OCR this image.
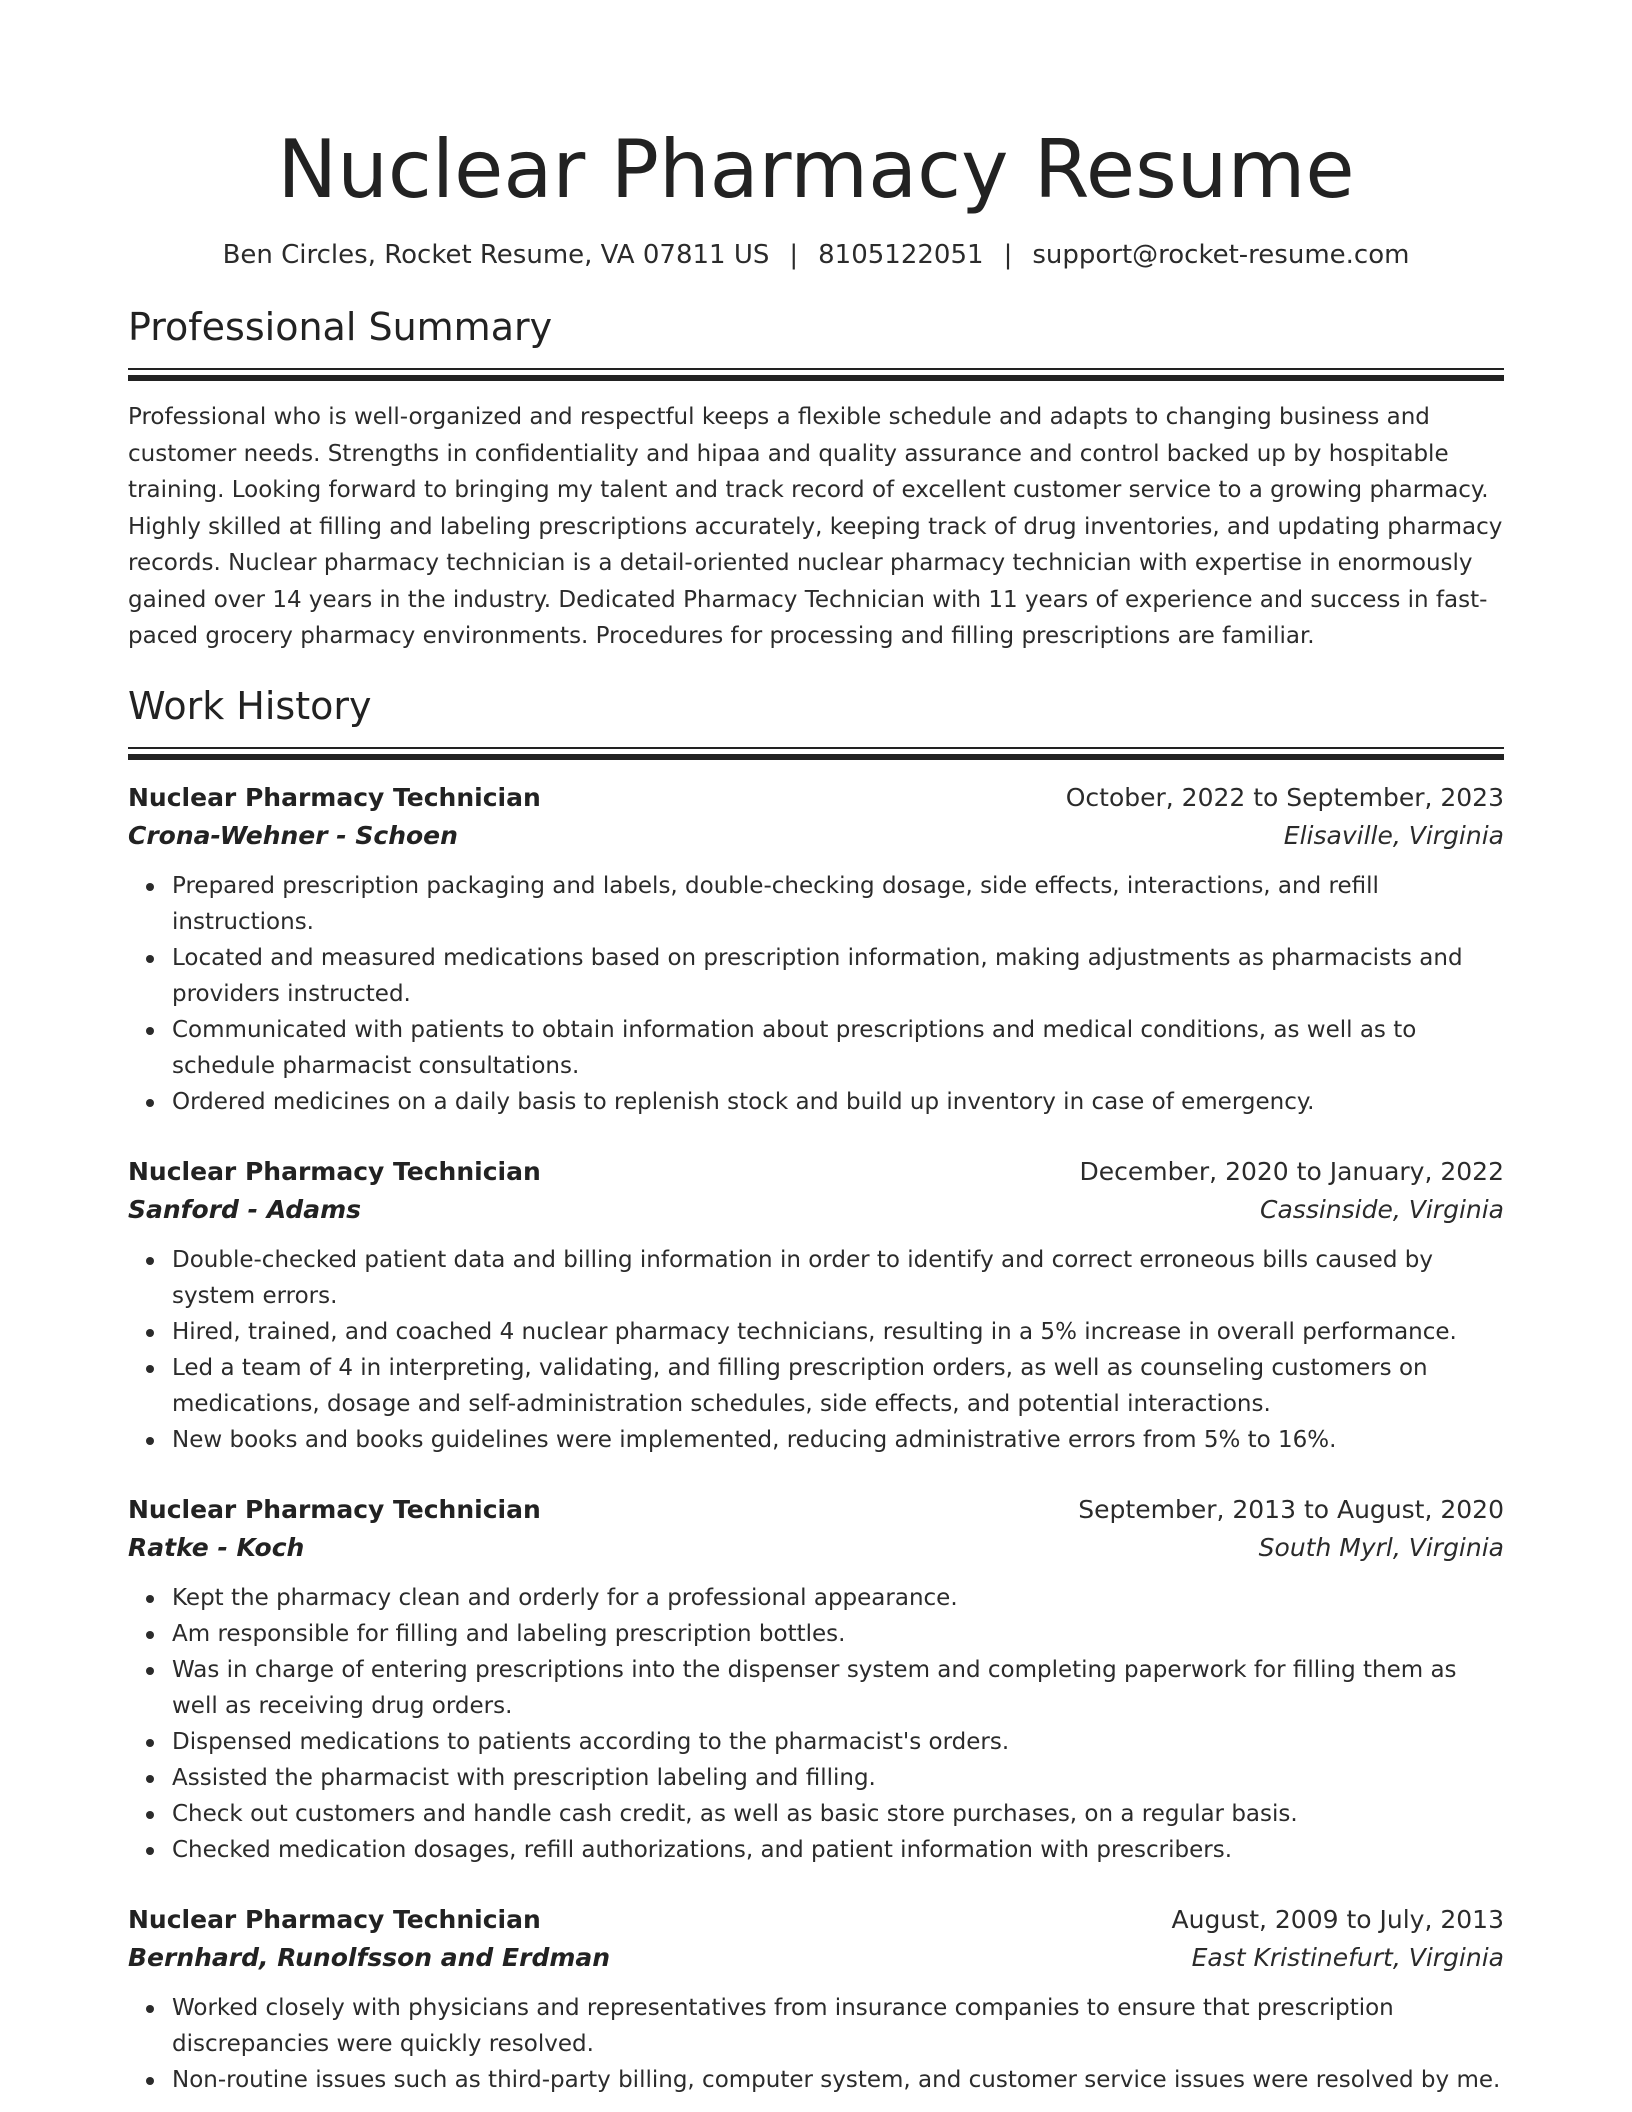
Nuclear Pharmacy Resume
Ben Circles, Rocket Resume, VA 07811 US | 8105122051 | support@rocket-resume.com
Professional Summary
Professional who is well-organized and respectful keeps a flexible schedule and adapts to changing business and customer needs. Strengths in confidentiality and hipaa and quality assurance and control backed up by hospitable training. Looking forward to bringing my talent and track record of excellent customer service to a growing pharmacy. Highly skilled at filling and labeling prescriptions accurately, keeping track of drug inventories, and updating pharmacy records. Nuclear pharmacy technician is a detail-oriented nuclear pharmacy technician with expertise in enormously gained over 14 years in the industry. Dedicated Pharmacy Technician with 11 years of experience and success in fast-paced grocery pharmacy environments. Procedures for processing and filling prescriptions are familiar.
Work History
Nuclear Pharmacy Technician	October, 2022 to September, 2023
Crona-Wehner - Schoen	Elisaville, Virginia
Prepared prescription packaging and labels, double-checking dosage, side effects, interactions, and refill instructions.
Located and measured medications based on prescription information, making adjustments as pharmacists and providers instructed.
Communicated with patients to obtain information about prescriptions and medical conditions, as well as to schedule pharmacist consultations.
Ordered medicines on a daily basis to replenish stock and build up inventory in case of emergency.
Nuclear Pharmacy Technician	December, 2020 to January, 2022
Sanford - Adams	Cassinside, Virginia
Double-checked patient data and billing information in order to identify and correct erroneous bills caused by system errors.
Hired, trained, and coached 4 nuclear pharmacy technicians, resulting in a 5% increase in overall performance.
Led a team of 4 in interpreting, validating, and filling prescription orders, as well as counseling customers on medications, dosage and self-administration schedules, side effects, and potential interactions.
New books and books guidelines were implemented, reducing administrative errors from 5% to 16%.
Nuclear Pharmacy Technician	September, 2013 to August, 2020
Ratke - Koch	South Myrl, Virginia
Kept the pharmacy clean and orderly for a professional appearance.
Am responsible for filling and labeling prescription bottles.
Was in charge of entering prescriptions into the dispenser system and completing paperwork for filling them as well as receiving drug orders.
Dispensed medications to patients according to the pharmacist's orders.
Assisted the pharmacist with prescription labeling and filling.
Check out customers and handle cash credit, as well as basic store purchases, on a regular basis.
Checked medication dosages, refill authorizations, and patient information with prescribers.
Nuclear Pharmacy Technician	August, 2009 to July, 2013
Bernhard, Runolfsson and Erdman	East Kristinefurt, Virginia
Worked closely with physicians and representatives from insurance companies to ensure that prescription discrepancies were quickly resolved.
Non-routine issues such as third-party billing, computer system, and customer service issues were resolved by me.
